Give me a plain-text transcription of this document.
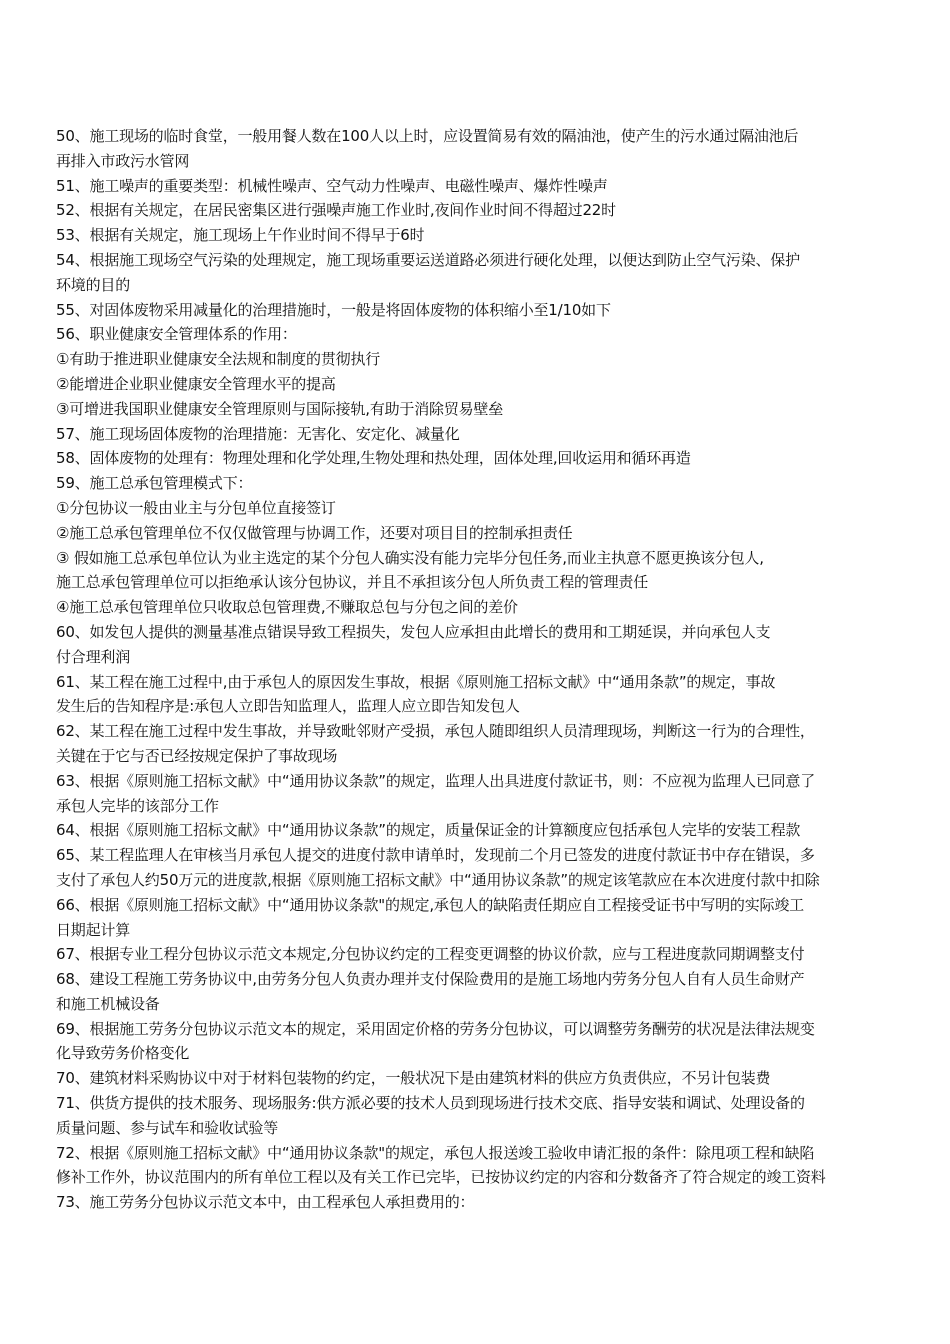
50、施工现场的临时食堂，一般用餐人数在100人以上时，应设置简易有效的隔油池，使产生的污水通过隔油池后
再排入市政污水管网
51、施工噪声的重要类型：机械性噪声、空气动力性噪声、电磁性噪声、爆炸性噪声
52、根据有关规定，在居民密集区进行强噪声施工作业时,夜间作业时间不得超过22时
53、根据有关规定，施工现场上午作业时间不得早于6时
54、根据施工现场空气污染的处理规定，施工现场重要运送道路必须进行硬化处理，以便达到防止空气污染、保护
环境的目的
55、对固体废物采用减量化的治理措施时，一般是将固体废物的体积缩小至1/10如下
56、职业健康安全管理体系的作用：
①有助于推进职业健康安全法规和制度的贯彻执行
②能增进企业职业健康安全管理水平的提高
③可增进我国职业健康安全管理原则与国际接轨,有助于消除贸易壁垒
57、施工现场固体废物的治理措施：无害化、安定化、减量化
58、固体废物的处理有：物理处理和化学处理,生物处理和热处理，固体处理,回收运用和循环再造
59、施工总承包管理模式下：
①分包协议一般由业主与分包单位直接签订
②施工总承包管理单位不仅仅做管理与协调工作，还要对项目目的控制承担责任
③ 假如施工总承包单位认为业主选定的某个分包人确实没有能力完毕分包任务,而业主执意不愿更换该分包人,
施工总承包管理单位可以拒绝承认该分包协议，并且不承担该分包人所负责工程的管理责任
④施工总承包管理单位只收取总包管理费,不赚取总包与分包之间的差价
60、如发包人提供的测量基准点错误导致工程损失，发包人应承担由此增长的费用和工期延误，并向承包人支
付合理利润
61、某工程在施工过程中,由于承包人的原因发生事故，根据《原则施工招标文献》中“通用条款”的规定，事故
发生后的告知程序是:承包人立即告知监理人，监理人应立即告知发包人
62、某工程在施工过程中发生事故，并导致毗邻财产受损，承包人随即组织人员清理现场，判断这一行为的合理性，
关键在于它与否已经按规定保护了事故现场
63、根据《原则施工招标文献》中“通用协议条款”的规定，监理人出具进度付款证书，则：不应视为监理人已同意了
承包人完毕的该部分工作
64、根据《原则施工招标文献》中“通用协议条款”的规定，质量保证金的计算额度应包括承包人完毕的安装工程款
65、某工程监理人在审核当月承包人提交的进度付款申请单时，发现前二个月已签发的进度付款证书中存在错误，多
支付了承包人约50万元的进度款,根据《原则施工招标文献》中“通用协议条款”的规定该笔款应在本次进度付款中扣除
66、根据《原则施工招标文献》中“通用协议条款"的规定,承包人的缺陷责任期应自工程接受证书中写明的实际竣工
日期起计算
67、根据专业工程分包协议示范文本规定,分包协议约定的工程变更调整的协议价款，应与工程进度款同期调整支付
68、建设工程施工劳务协议中,由劳务分包人负责办理并支付保险费用的是施工场地内劳务分包人自有人员生命财产
和施工机械设备
69、根据施工劳务分包协议示范文本的规定，采用固定价格的劳务分包协议，可以调整劳务酬劳的状况是法律法规变
化导致劳务价格变化
70、建筑材料采购协议中对于材料包装物的约定，一般状况下是由建筑材料的供应方负责供应，不另计包装费
71、供货方提供的技术服务、现场服务:供方派必要的技术人员到现场进行技术交底、指导安装和调试、处理设备的
质量问题、参与试车和验收试验等
72、根据《原则施工招标文献》中“通用协议条款"的规定，承包人报送竣工验收申请汇报的条件：除甩项工程和缺陷
修补工作外，协议范围内的所有单位工程以及有关工作已完毕，已按协议约定的内容和分数备齐了符合规定的竣工资料
73、施工劳务分包协议示范文本中，由工程承包人承担费用的：
